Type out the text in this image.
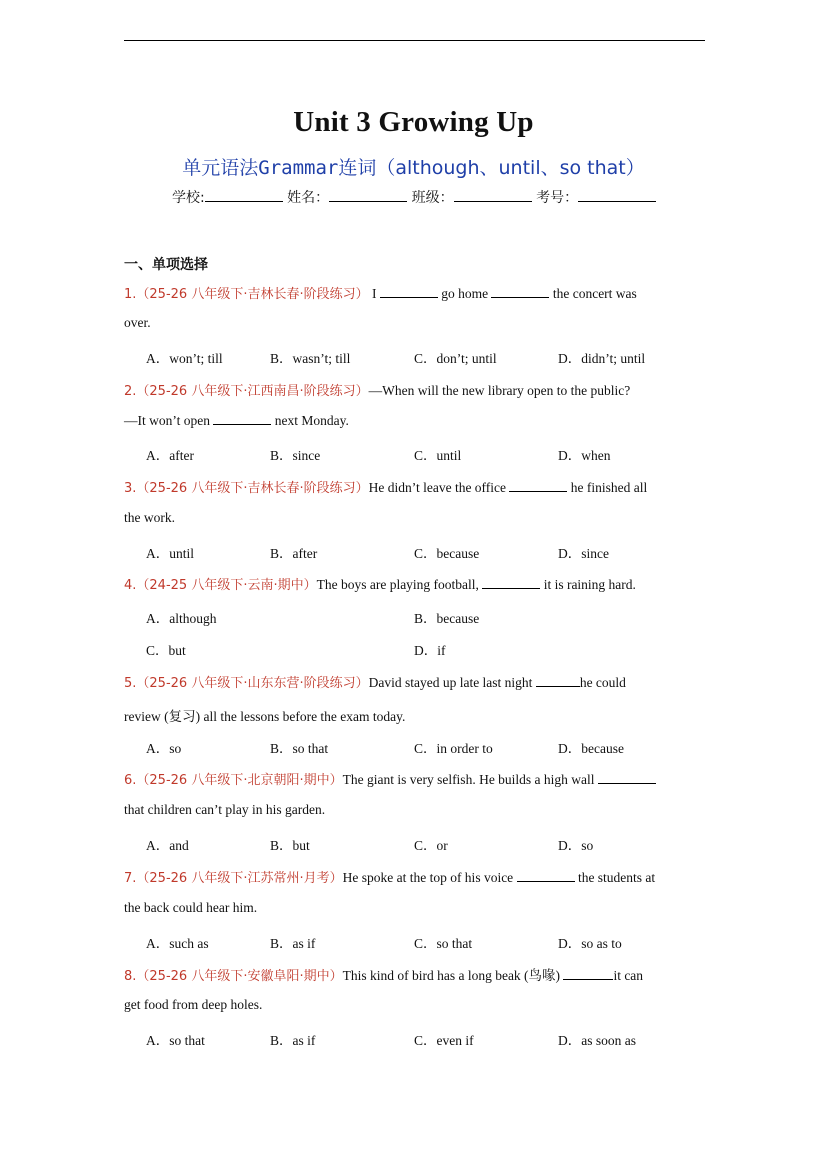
Unit 3 Growing Up
单元语法Grammar连词（although、until、so that）
学校:	姓名：	班级：	考号：
一、单项选择
1.（25-26 八年级下·吉林长春·阶段练习） I	go home	the concert was
over.
A．won’t; till	B．wasn’t; till	C．don’t; until	D．didn’t; until
2.（25-26 八年级下·江西南昌·阶段练习）—When will the new library open to the public?
—It won’t open	next Monday.
A．after	B．since	C．until	D．when
3.（25-26 八年级下·吉林长春·阶段练习）He didn’t leave the office	he finished all
the work.
A．until	B．after	C．because	D．since
4.（24-25 八年级下·云南·期中）The boys are playing football,	it is raining hard.
A．although	B．because
C．but	D．if
5.（25-26 八年级下·山东东营·阶段练习）David stayed up late last night	he could
review (复习) all the lessons before the exam today.
A．so	B．so that	C．in order to	D．because
6.（25-26 八年级下·北京朝阳·期中）The giant is very selfish. He builds a high wall
that children can’t play in his garden.
A．and	B．but	C．or	D．so
7.（25-26 八年级下·江苏常州·月考）He spoke at the top of his voice	the students at
the back could hear him.
A．such as	B．as if	C．so that	D．so as to
8.（25-26 八年级下·安徽阜阳·期中）This kind of bird has a long beak (鸟喙)	it can
get food from deep holes.
A．so that	B．as if	C．even if	D．as soon as
